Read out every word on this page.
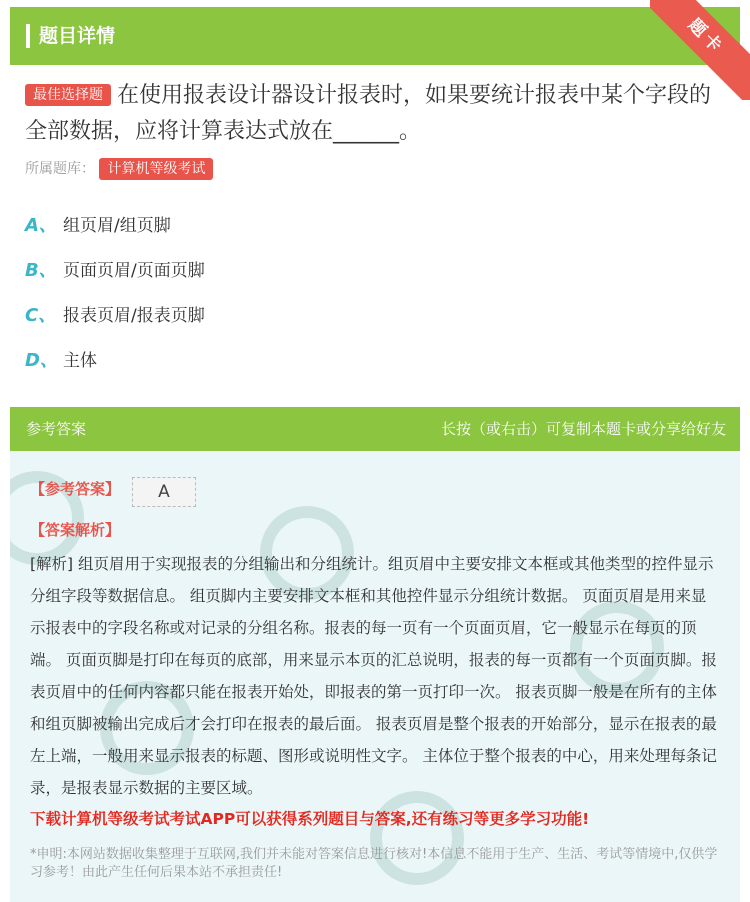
题目详情	题卡
最佳选择题 在使用报表设计器设计报表时，如果要统计报表中某个字段的全部数据，应将计算表达式放在______。
所属题库： 计算机等级考试
A、 组页眉/组页脚
B、 页面页眉/页面页脚
C、 报表页眉/报表页脚
D、 主体
参考答案	长按（或右击）可复制本题卡或分享给好友
【参考答案】	A
【答案解析】
[解析] 组页眉用于实现报表的分组输出和分组统计。组页眉中主要安排文本框或其他类型的控件显示分组字段等数据信息。 组页脚内主要安排文本框和其他控件显示分组统计数据。 页面页眉是用来显示报表中的字段名称或对记录的分组名称。报表的每一页有一个页面页眉，它一般显示在每页的顶端。 页面页脚是打印在每页的底部，用来显示本页的汇总说明，报表的每一页都有一个页面页脚。报表页眉中的任何内容都只能在报表开始处，即报表的第一页打印一次。 报表页脚一般是在所有的主体和组页脚被输出完成后才会打印在报表的最后面。 报表页眉是整个报表的开始部分，显示在报表的最左上端，一般用来显示报表的标题、图形或说明性文字。 主体位于整个报表的中心，用来处理每条记录，是报表显示数据的主要区域。
下载计算机等级考试考试APP可以获得系列题目与答案,还有练习等更多学习功能!
*申明:本网站数据收集整理于互联网,我们并未能对答案信息进行核对!本信息不能用于生产、生活、考试等情境中,仅供学习参考！由此产生任何后果本站不承担责任!
